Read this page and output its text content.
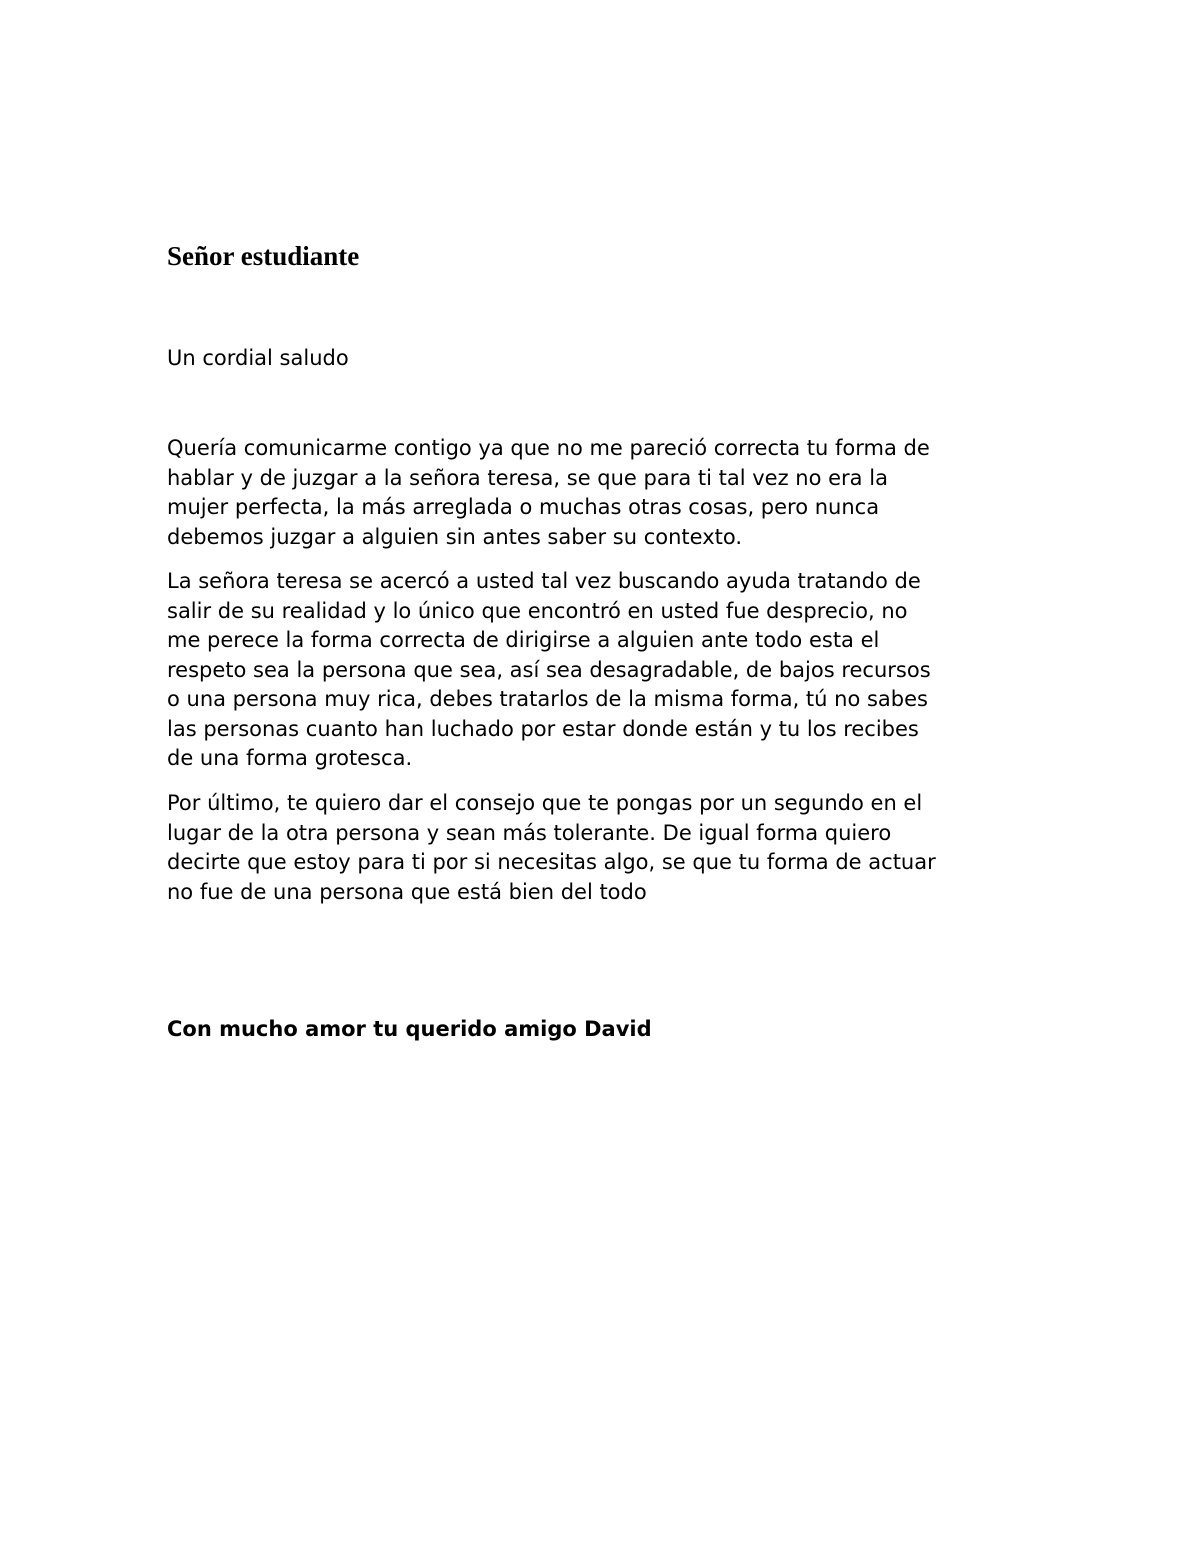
Señor estudiante

Un cordial saludo

Quería comunicarme contigo ya que no me pareció correcta tu forma de
hablar y de juzgar a la señora teresa, se que para ti tal vez no era la
mujer perfecta, la más arreglada o muchas otras cosas, pero nunca
debemos juzgar a alguien sin antes saber su contexto.

La señora teresa se acercó a usted tal vez buscando ayuda tratando de
salir de su realidad y lo único que encontró en usted fue desprecio, no
me perece la forma correcta de dirigirse a alguien ante todo esta el
respeto sea la persona que sea, así sea desagradable, de bajos recursos
o una persona muy rica, debes tratarlos de la misma forma, tú no sabes
las personas cuanto han luchado por estar donde están y tu los recibes
de una forma grotesca.

Por último, te quiero dar el consejo que te pongas por un segundo en el
lugar de la otra persona y sean más tolerante. De igual forma quiero
decirte que estoy para ti por si necesitas algo, se que tu forma de actuar
no fue de una persona que está bien del todo

Con mucho amor tu querido amigo David
